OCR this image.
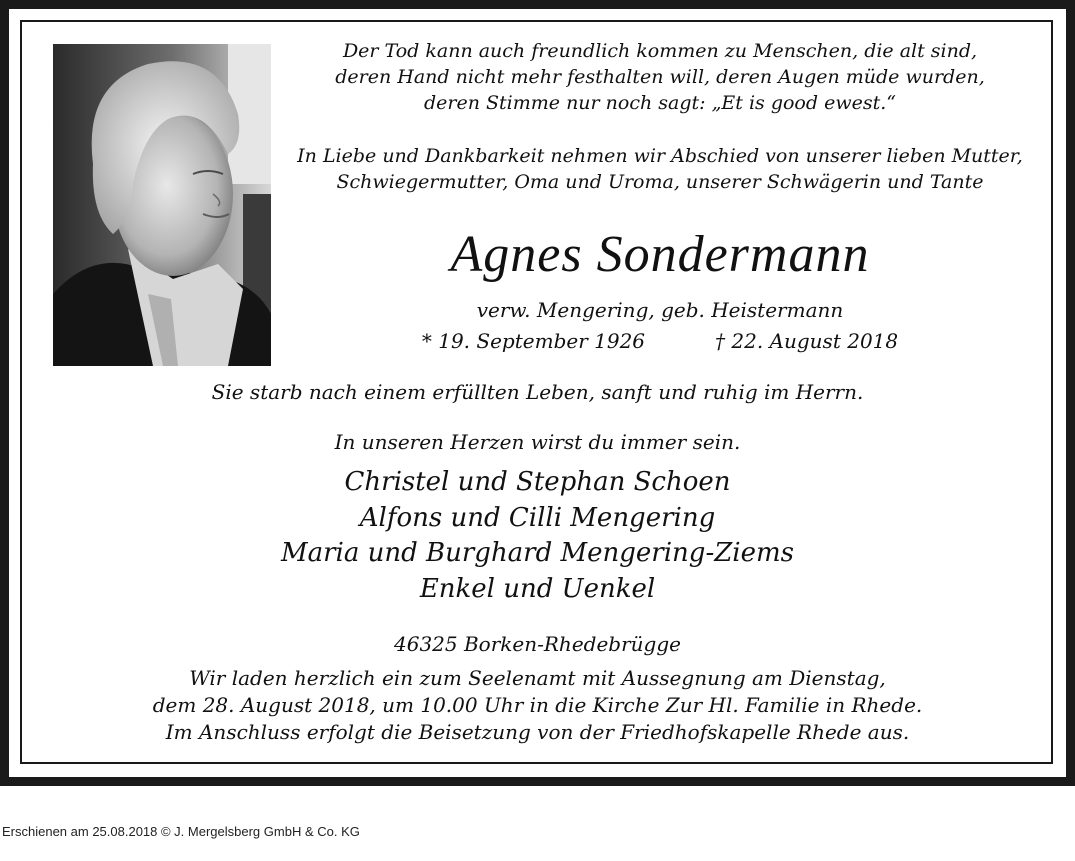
Der Tod kann auch freundlich kommen zu Menschen, die alt sind,
deren Hand nicht mehr festhalten will, deren Augen müde wurden,
deren Stimme nur noch sagt: „Et is good ewest.“
In Liebe und Dankbarkeit nehmen wir Abschied von unserer lieben Mutter,
Schwiegermutter, Oma und Uroma, unserer Schwägerin und Tante
Agnes Sondermann
verw. Mengering, geb. Heistermann
* 19. September 1926	† 22. August 2018
Sie starb nach einem erfüllten Leben, sanft und ruhig im Herrn.
In unseren Herzen wirst du immer sein.
Christel und Stephan Schoen
Alfons und Cilli Mengering
Maria und Burghard Mengering-Ziems
Enkel und Uenkel
46325 Borken-Rhedebrügge
Wir laden herzlich ein zum Seelenamt mit Aussegnung am Dienstag,
dem 28. August 2018, um 10.00 Uhr in die Kirche Zur Hl. Familie in Rhede.
Im Anschluss erfolgt die Beisetzung von der Friedhofskapelle Rhede aus.
Erschienen am 25.08.2018 © J. Mergelsberg GmbH & Co. KG
